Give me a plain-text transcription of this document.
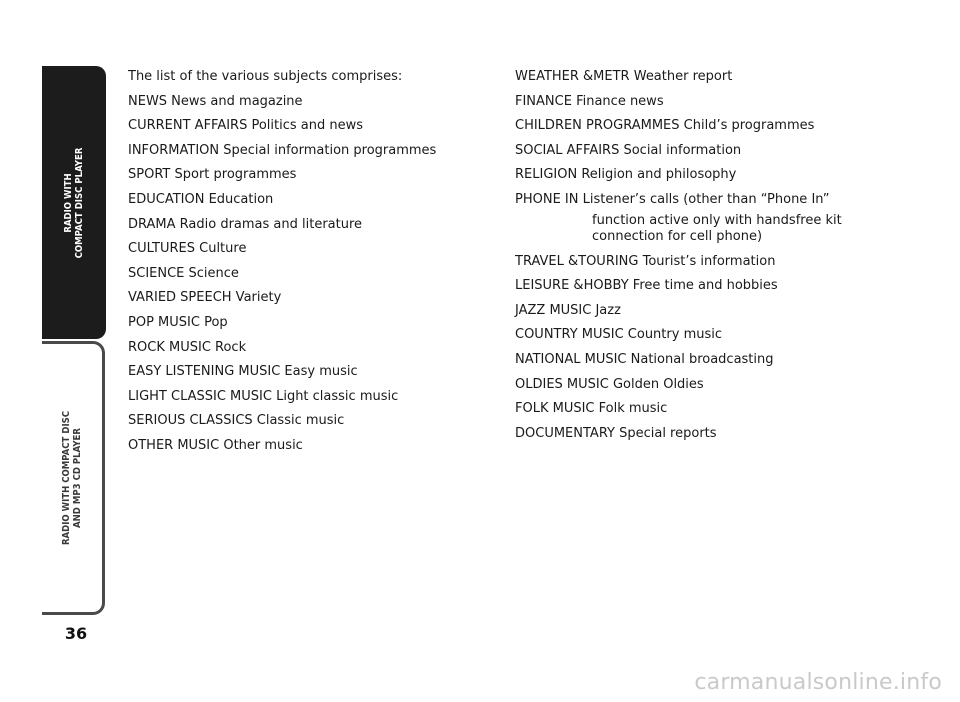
RADIO WITH COMPACT DISC PLAYER
RADIO WITH COMPACT DISC AND MP3 CD PLAYER
36

The list of the various subjects comprises:

NEWS News and magazine

CURRENT AFFAIRS Politics and news

INFORMATION Special information programmes

SPORT Sport programmes

EDUCATION Education

DRAMA Radio dramas and literature

CULTURES Culture

SCIENCE Science

VARIED SPEECH Variety

POP MUSIC Pop

ROCK MUSIC Rock

EASY LISTENING MUSIC Easy music

LIGHT CLASSIC MUSIC Light classic music

SERIOUS CLASSICS Classic music

OTHER MUSIC Other music

WEATHER &METR Weather report

FINANCE Finance news

CHILDREN PROGRAMMES Child’s programmes

SOCIAL AFFAIRS Social information

RELIGION Religion and philosophy

PHONE IN Listener’s calls (other than “Phone In”

function active only with handsfree kit
connection for cell phone)

TRAVEL &TOURING Tourist’s information

LEISURE &HOBBY Free time and hobbies

JAZZ MUSIC Jazz

COUNTRY MUSIC Country music

NATIONAL MUSIC National broadcasting

OLDIES MUSIC Golden Oldies

FOLK MUSIC Folk music

DOCUMENTARY Special reports

carmanualsonline.info
